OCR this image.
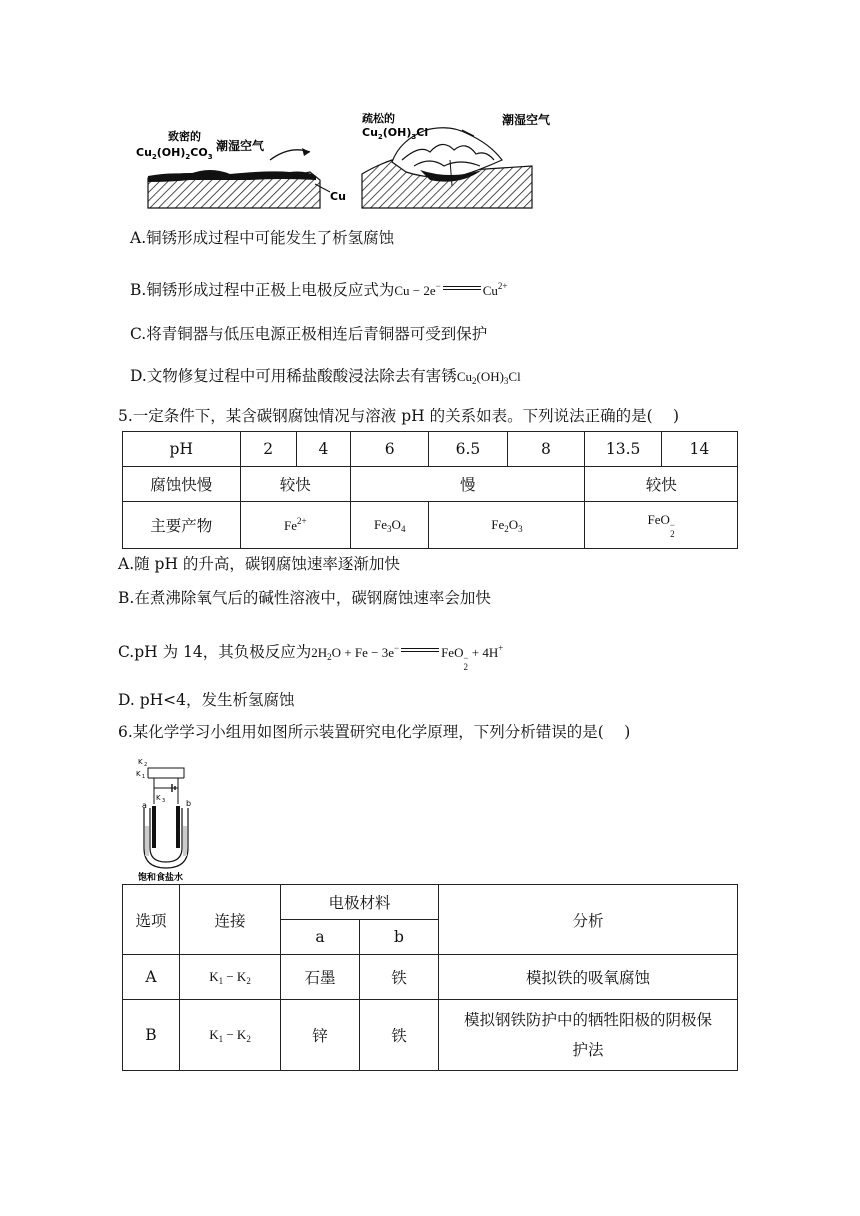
致密的
$Cu_2(OH)_2CO_3$
潮湿空气
Cu
疏松的
$Cu_2(OH)_3Cl$
潮湿空气
A.铜锈形成过程中可能发生了析氢腐蚀
B.铜锈形成过程中正极上电极反应式为Cu − 2e−	$Cu^{2+}$
C.将青铜器与低压电源正极相连后青铜器可受到保护
D.文物修复过程中可用稀盐酸酸浸法除去有害锈$Cu_2(OH)_3Cl$
5.一定条件下，某含碳钢腐蚀情况与溶液 pH 的关系如表。下列说法正确的是(　 )
pH	2	4	6	6.5	8	13.5	14
腐蚀快慢	较快		慢			较快	
主要产物	$Fe^{2+}$		$Fe_3O_4$	$Fe_2O_3$		FeO −
2	
A.随 pH 的升高，碳钢腐蚀速率逐渐加快
B.在煮沸除氧气后的碱性溶液中，碳钢腐蚀速率会加快
C.pH 为 14，其负极反应为$2H_2O + Fe - 3e^-$	FeO −
2
+ 4H+
D. pH<4，发生析氢腐蚀
6.某化学学习小组用如图所示装置研究电化学原理，下列分析错误的是(　 )
K 2
K 1
K 3
a	b
饱和食盐水
选项	连接	电极材料		分析
		a	b	
A	$K_1 - K_2$	石墨	铁	模拟铁的吸氧腐蚀
B	$K_1 - K_2$	锌	铁	模拟钢铁防护中的牺牲阳极的阴极保
护法
